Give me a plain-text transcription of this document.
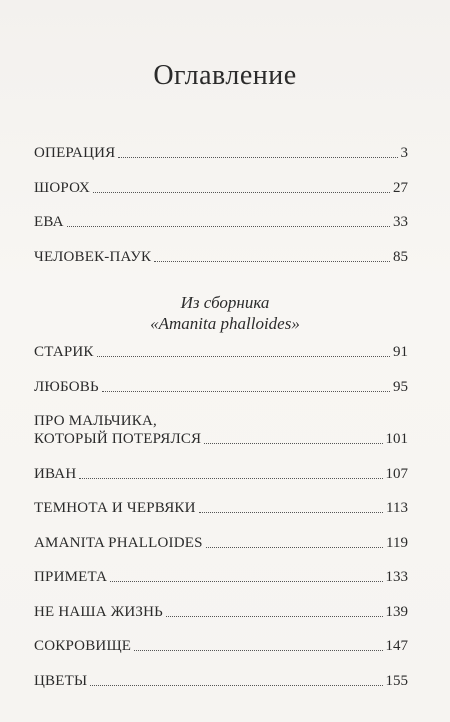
Оглавление
ОПЕРАЦИЯ	3
ШОРОХ	27
ЕВА	33
ЧЕЛОВЕК-ПАУК	85
Из сборника
«Amanita phalloides»
СТАРИК	91
ЛЮБОВЬ	95
ПРО МАЛЬЧИКА,
КОТОРЫЙ ПОТЕРЯЛСЯ	101
ИВАН	107
ТЕМНОТА И ЧЕРВЯКИ	113
AMANITA PHALLOIDES	119
ПРИМЕТА	133
НЕ НАША ЖИЗНЬ	139
СОКРОВИЩЕ	147
ЦВЕТЫ	155
